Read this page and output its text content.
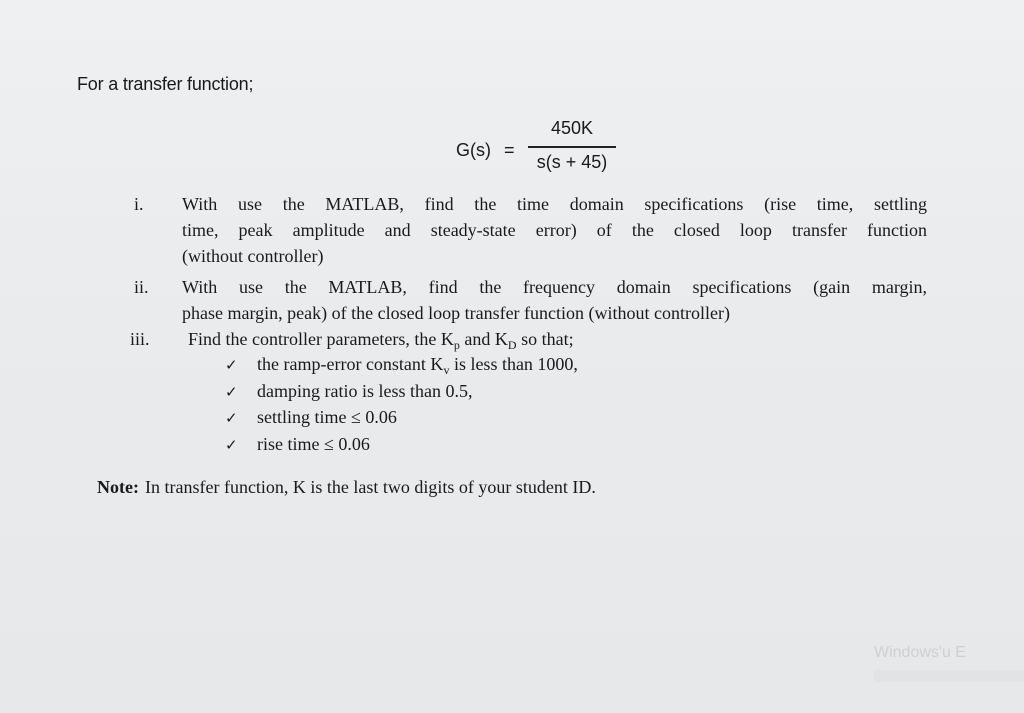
For a transfer function;
G(s) =
450K
s(s + 45)
i. With use the MATLAB, find the time domain specifications (rise time, settling
time, peak amplitude and steady-state error) of the closed loop transfer function
(without controller)
ii. With use the MATLAB, find the frequency domain specifications (gain margin,
phase margin, peak) of the closed loop transfer function (without controller)
iii. Find the controller parameters, the $K_p$ and $K_D$ so that;
✓ the ramp-error constant $K_v$ is less than 1000,
✓ damping ratio is less than 0.5,
✓ settling time ≤ 0.06
✓ rise time ≤ 0.06
Note: In transfer function, K is the last two digits of your student ID.
Windows'u E
